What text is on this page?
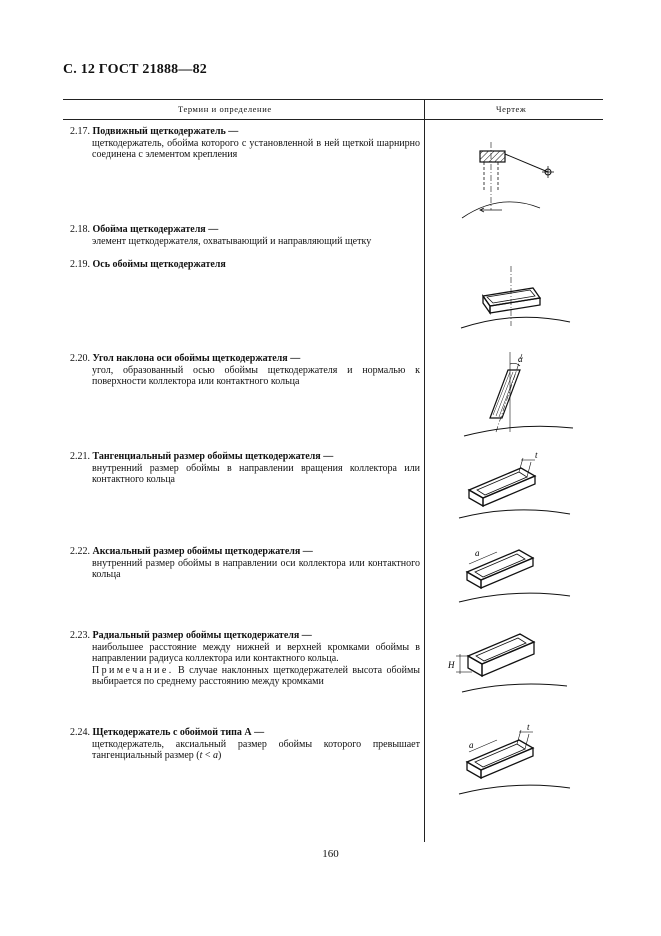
С. 12 ГОСТ 21888—82
Термин и определение	Чертеж
2.17. Подвижный щеткодержатель —
щеткодержатель, обойма которого с установленной в ней щеткой шарнирно соединена с элементом крепления
2.18. Обойма щеткодержателя —
элемент щеткодержателя, охватывающий и направляющий щетку
2.19. Ось обоймы щеткодержателя
2.20. Угол наклона оси обоймы щеткодержателя —
угол, образованный осью обоймы щеткодержателя и нормалью к поверхности коллектора или контактного кольца
2.21. Тангенциальный размер обоймы щеткодержателя —
внутренний размер обоймы в направлении вращения коллектора или контактного кольца
2.22. Аксиальный размер обоймы щеткодержателя —
внутренний размер обоймы в направлении оси коллектора или контактного кольца
2.23. Радиальный размер обоймы щеткодержателя —
наибольшее расстояние между нижней и верхней кромками обоймы в направлении радиуса коллектора или контактного кольца.
Примечание. В случае наклонных щеткодержателей высота обоймы выбирается по среднему расстоянию между кромками
2.24. Щеткодержатель с обоймой типа А —
щеткодержатель, аксиальный размер обоймы которого превышает тангенциальный размер (t < a)
α
t
a
H
a
t
160
